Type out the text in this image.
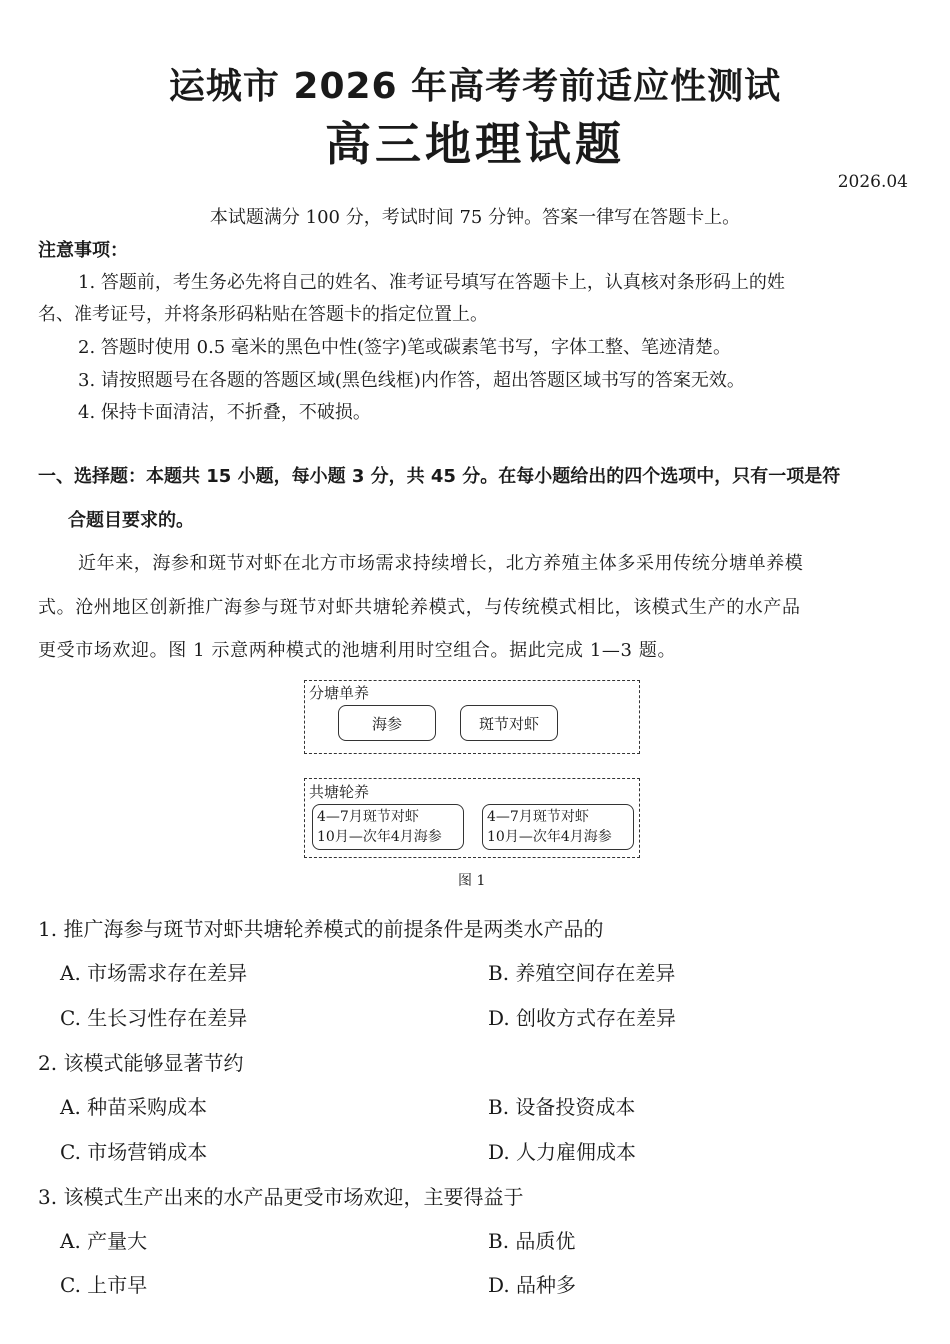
运城市 2026 年高考考前适应性测试
高三地理试题
2026.04
本试题满分 100 分，考试时间 75 分钟。答案一律写在答题卡上。
注意事项：
1. 答题前，考生务必先将自己的姓名、准考证号填写在答题卡上，认真核对条形码上的姓
名、准考证号，并将条形码粘贴在答题卡的指定位置上。
2. 答题时使用 0.5 毫米的黑色中性(签字)笔或碳素笔书写，字体工整、笔迹清楚。
3. 请按照题号在各题的答题区域(黑色线框)内作答，超出答题区域书写的答案无效。
4. 保持卡面清洁，不折叠，不破损。
一、选择题：本题共 15 小题，每小题 3 分，共 45 分。在每小题给出的四个选项中，只有一项是符
合题目要求的。
近年来，海参和斑节对虾在北方市场需求持续增长，北方养殖主体多采用传统分塘单养模
式。沧州地区创新推广海参与斑节对虾共塘轮养模式，与传统模式相比，该模式生产的水产品
更受市场欢迎。图 1 示意两种模式的池塘利用时空组合。据此完成 1—3 题。
分塘单养
海参	斑节对虾
共塘轮养
4—7月斑节对虾
10月—次年4月海参
4—7月斑节对虾
10月—次年4月海参
图 1
1. 推广海参与斑节对虾共塘轮养模式的前提条件是两类水产品的
A. 市场需求存在差异	B. 养殖空间存在差异
C. 生长习性存在差异	D. 创收方式存在差异
2. 该模式能够显著节约
A. 种苗采购成本	B. 设备投资成本
C. 市场营销成本	D. 人力雇佣成本
3. 该模式生产出来的水产品更受市场欢迎，主要得益于
A. 产量大	B. 品质优
C. 上市早	D. 品种多
